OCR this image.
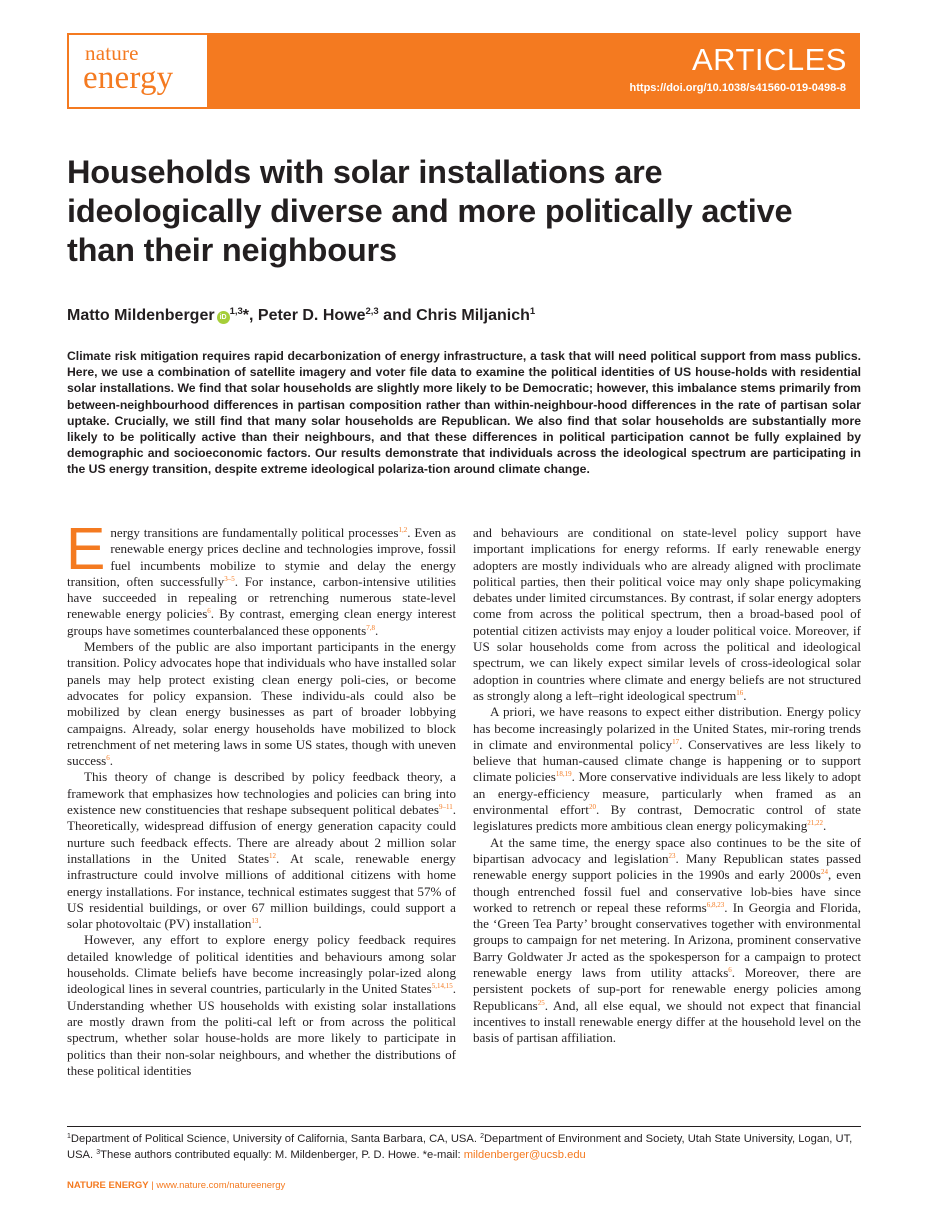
nature
energy
ARTICLES
https://doi.org/10.1038/s41560-019-0498-8
Households with solar installations are ideologically diverse and more politically active than their neighbours
Matto Mildenberger iD$^{1,3}$*, Peter D. Howe$^{2,3}$ and Chris Miljanich$^1$

Climate risk mitigation requires rapid decarbonization of energy infrastructure, a task that will need political support from mass publics. Here, we use a combination of satellite imagery and voter file data to examine the political identities of US house-holds with residential solar installations. We find that solar households are slightly more likely to be Democratic; however, this imbalance stems primarily from between-neighbourhood differences in partisan composition rather than within-neighbour-hood differences in the rate of partisan solar uptake. Crucially, we still find that many solar households are Republican. We also find that solar households are substantially more likely to be politically active than their neighbours, and that these differences in political participation cannot be fully explained by demographic and socioeconomic factors. Our results demonstrate that individuals across the ideological spectrum are participating in the US energy transition, despite extreme ideological polariza-tion around climate change.

Energy transitions are fundamentally political processes$^{1,2}$. Even as renewable energy prices decline and technologies improve, fossil fuel incumbents mobilize to stymie and delay the energy transition, often successfully$^{3-5}$. For instance, carbon-intensive utilities have succeeded in repealing or retrenching numerous state-level renewable energy policies$^6$. By contrast, emerging clean energy interest groups have sometimes counterbalanced these opponents$^{7,8}$.

Members of the public are also important participants in the energy transition. Policy advocates hope that individuals who have installed solar panels may help protect existing clean energy poli-cies, or become advocates for policy expansion. These individu-als could also be mobilized by clean energy businesses as part of broader lobbying campaigns. Already, solar energy households have mobilized to block retrenchment of net metering laws in some US states, though with uneven success$^6$.

This theory of change is described by policy feedback theory, a framework that emphasizes how technologies and policies can bring into existence new constituencies that reshape subsequent political debates$^{9-11}$. Theoretically, widespread diffusion of energy generation capacity could nurture such feedback effects. There are already about 2 million solar installations in the United States$^{12}$. At scale, renewable energy infrastructure could involve millions of additional citizens with home energy installations. For instance, technical estimates suggest that 57% of US residential buildings, or over 67 million buildings, could support a solar photovoltaic (PV) installation$^{13}$.

However, any effort to explore energy policy feedback requires detailed knowledge of political identities and behaviours among solar households. Climate beliefs have become increasingly polar-ized along ideological lines in several countries, particularly in the United States$^{5,14,15}$. Understanding whether US households with existing solar installations are mostly drawn from the politi-cal left or from across the political spectrum, whether solar house-holds are more likely to participate in politics than their non-solar neighbours, and whether the distributions of these political identities

and behaviours are conditional on state-level policy support have important implications for energy reforms. If early renewable energy adopters are mostly individuals who are already aligned with proclimate political parties, then their political voice may only shape policymaking debates under limited circumstances. By contrast, if solar energy adopters come from across the political spectrum, then a broad-based pool of potential citizen activists may enjoy a louder political voice. Moreover, if US solar households come from across the political and ideological spectrum, we can likely expect similar levels of cross-ideological solar adoption in countries where climate and energy beliefs are not structured as strongly along a left–right ideological spectrum$^{16}$.

A priori, we have reasons to expect either distribution. Energy policy has become increasingly polarized in the United States, mir-roring trends in climate and environmental policy$^{17}$. Conservatives are less likely to believe that human-caused climate change is happening or to support climate policies$^{18,19}$. More conservative individuals are less likely to adopt an energy-efficiency measure, particularly when framed as an environmental effort$^{20}$. By contrast, Democratic control of state legislatures predicts more ambitious clean energy policymaking$^{21,22}$.

At the same time, the energy space also continues to be the site of bipartisan advocacy and legislation$^{23}$. Many Republican states passed renewable energy support policies in the 1990s and early $2000s^{24}$, even though entrenched fossil fuel and conservative lob-bies have since worked to retrench or repeal these reforms$^{6,8,23}$. In Georgia and Florida, the ‘Green Tea Party’ brought conservatives together with environmental groups to campaign for net metering. In Arizona, prominent conservative Barry Goldwater Jr acted as the spokesperson for a campaign to protect renewable energy laws from utility attacks$^6$. Moreover, there are persistent pockets of sup-port for renewable energy policies among Republicans$^{25}$. And, all else equal, we should not expect that financial incentives to install renewable energy differ at the household level on the basis of partisan affiliation.

$^1$Department of Political Science, University of California, Santa Barbara, CA, USA. $^2$Department of Environment and Society, Utah State University, Logan, UT, USA. $^3$These authors contributed equally: M. Mildenberger, P. D. Howe. *e-mail: mildenberger@ucsb.edu
NATURE ENERGY | www.nature.com/natureenergy
